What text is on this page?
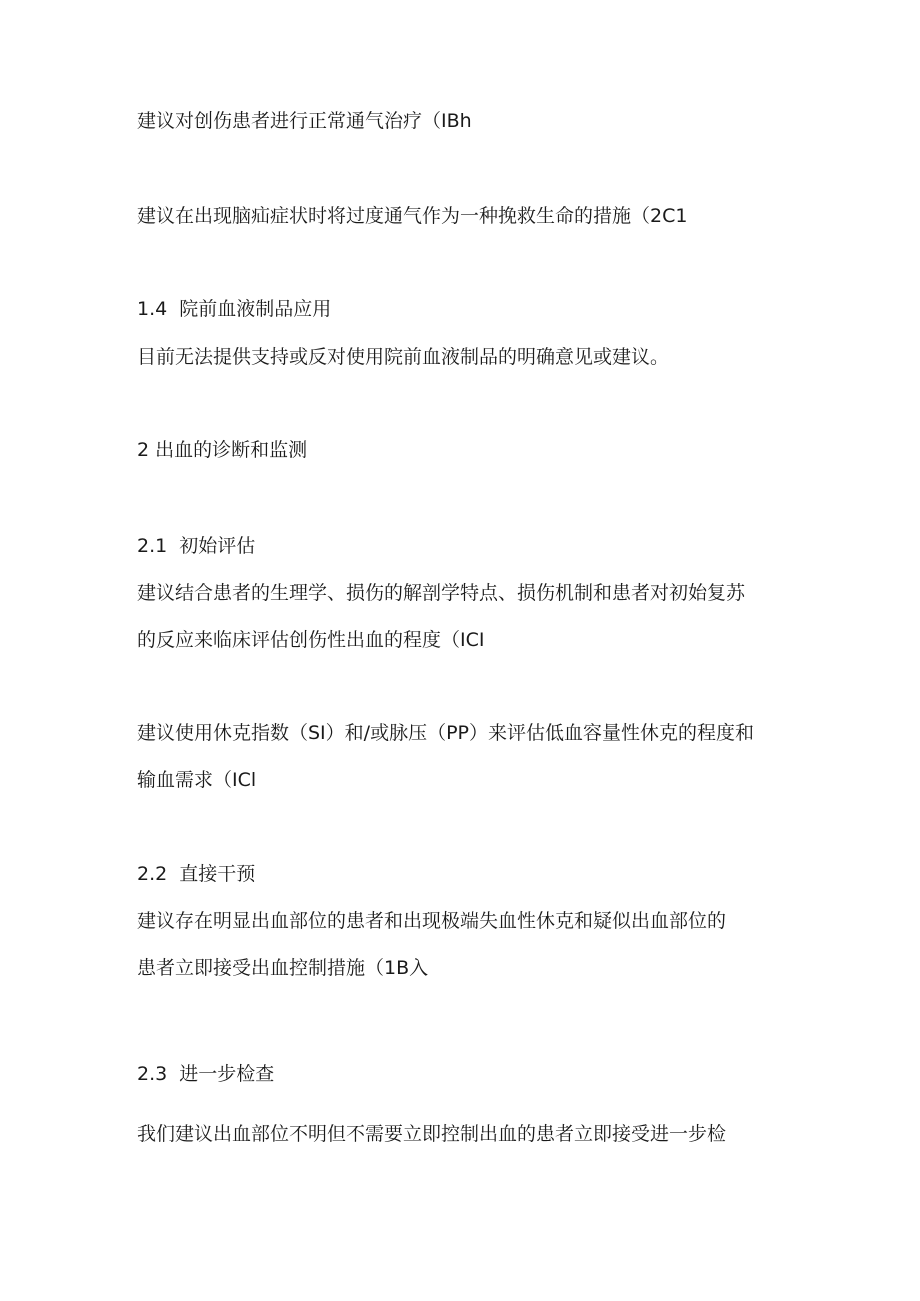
建议对创伤患者进行正常通气治疗（IBh

建议在出现脑疝症状时将过度通气作为一种挽救生命的措施（2C1

1.4 院前血液制品应用

目前无法提供支持或反对使用院前血液制品的明确意见或建议。

2 出血的诊断和监测
2.1 初始评估

建议结合患者的生理学、损伤的解剖学特点、损伤机制和患者对初始复苏

的反应来临床评估创伤性出血的程度（ICI

建议使用休克指数（SI）和/或脉压（PP）来评估低血容量性休克的程度和

输血需求（ICl

2.2 直接干预

建议存在明显出血部位的患者和出现极端失血性休克和疑似出血部位的

患者立即接受出血控制措施（1B入

2.3 进一步检查

我们建议出血部位不明但不需要立即控制出血的患者立即接受进一步检
